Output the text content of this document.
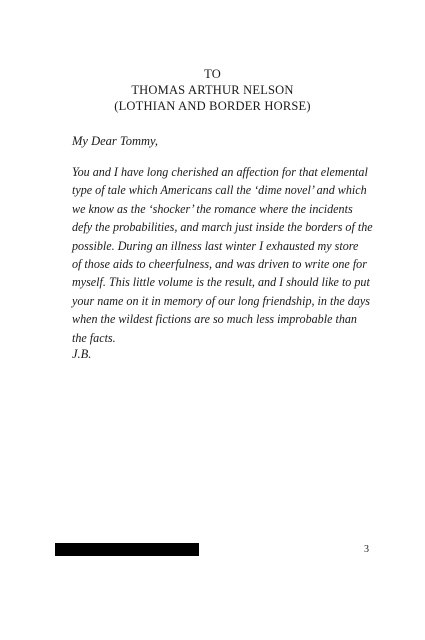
TO
THOMAS ARTHUR NELSON
(LOTHIAN AND BORDER HORSE)
My Dear Tommy,
You and I have long cherished an affection for that elemental
type of tale which Americans call the ‘dime novel’ and which
we know as the ‘shocker’ the romance where the incidents
defy the probabilities, and march just inside the borders of the
possible. During an illness last winter I exhausted my store
of those aids to cheerfulness, and was driven to write one for
myself. This little volume is the result, and I should like to put
your name on it in memory of our long friendship, in the days
when the wildest fictions are so much less improbable than
the facts.
J.B.
3
